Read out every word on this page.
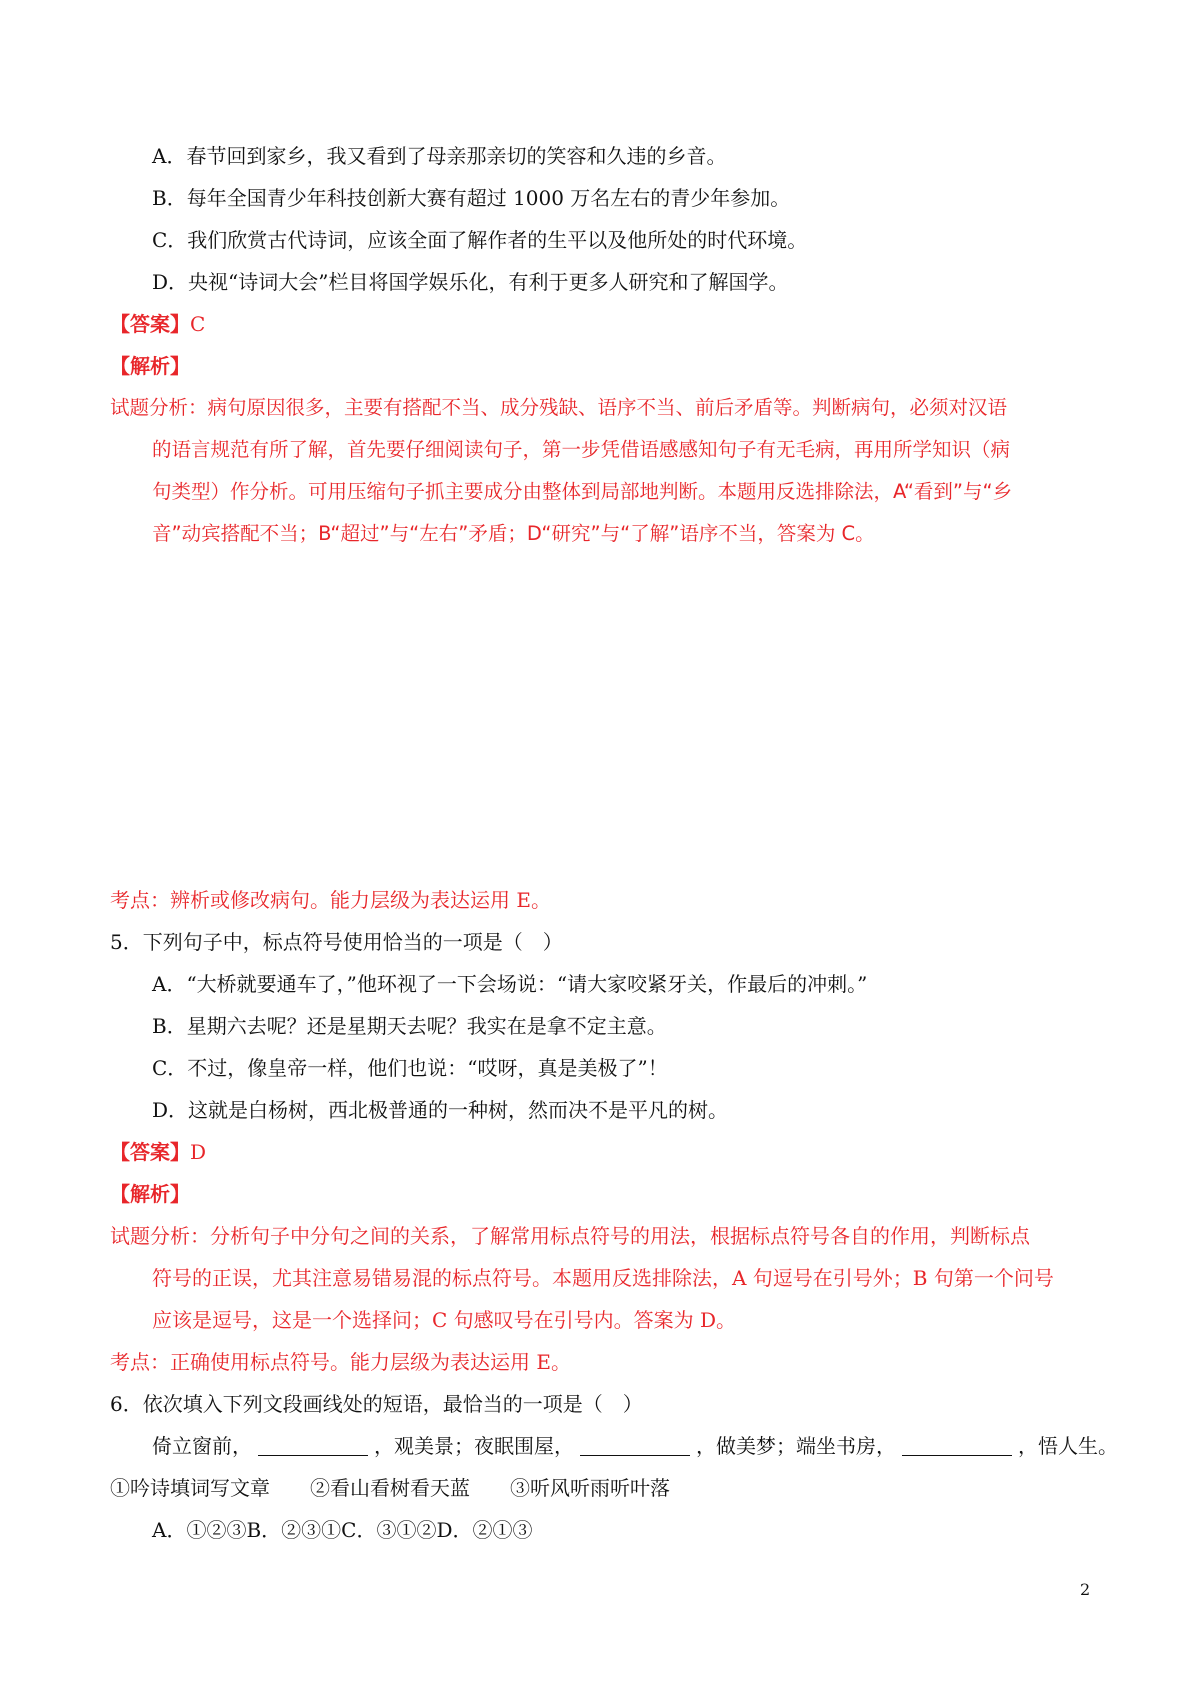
A．春节回到家乡，我又看到了母亲那亲切的笑容和久违的乡音。
B．每年全国青少年科技创新大赛有超过 1000 万名左右的青少年参加。
C．我们欣赏古代诗词，应该全面了解作者的生平以及他所处的时代环境。
D．央视“诗词大会”栏目将国学娱乐化，有利于更多人研究和了解国学。
【答案】C
【解析】
试题分析：病句原因很多，主要有搭配不当、成分残缺、语序不当、前后矛盾等。判断病句，必须对汉语
的语言规范有所了解，首先要仔细阅读句子，第一步凭借语感感知句子有无毛病，再用所学知识（病
句类型）作分析。可用压缩句子抓主要成分由整体到局部地判断。本题用反选排除法，A“看到”与“乡
音”动宾搭配不当；B“超过”与“左右”矛盾；D“研究”与“了解”语序不当，答案为 C。
考点：辨析或修改病句。能力层级为表达运用 E。
5．下列句子中，标点符号使用恰当的一项是（　）
A．“大桥就要通车了，”他环视了一下会场说：“请大家咬紧牙关，作最后的冲刺。”
B．星期六去呢？还是星期天去呢？我实在是拿不定主意。
C．不过，像皇帝一样，他们也说：“哎呀，真是美极了”！
D．这就是白杨树，西北极普通的一种树，然而决不是平凡的树。
【答案】D
【解析】
试题分析：分析句子中分句之间的关系，了解常用标点符号的用法，根据标点符号各自的作用，判断标点
符号的正误，尤其注意易错易混的标点符号。本题用反选排除法，A 句逗号在引号外；B 句第一个问号
应该是逗号，这是一个选择问；C 句感叹号在引号内。答案为 D。
考点：正确使用标点符号。能力层级为表达运用 E。
6．依次填入下列文段画线处的短语，最恰当的一项是（　）
倚立窗前，	，观美景；夜眠围屋，	，做美梦；端坐书房，	，悟人生。
①吟诗填词写文章　　②看山看树看天蓝　　③听风听雨听叶落
A．①②③B．②③①C．③①②D．②①③
2
